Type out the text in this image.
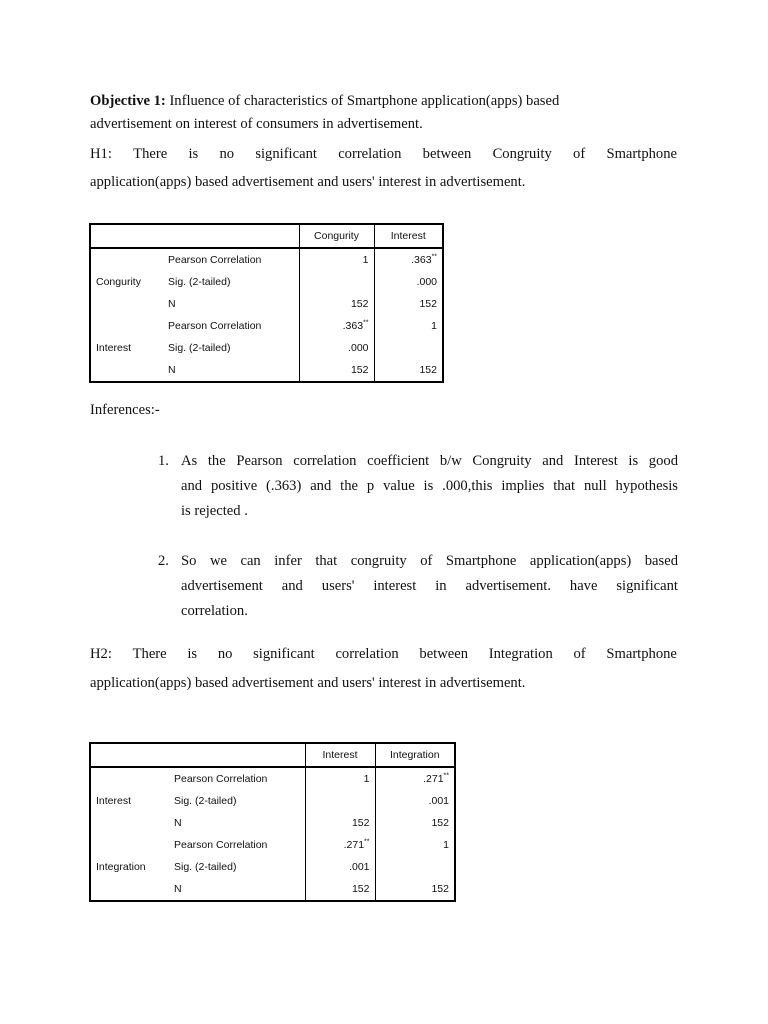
Objective 1: Influence of characteristics of Smartphone application(apps) based
advertisement on interest of consumers in advertisement.
H1: There is no significant correlation between Congruity of Smartphone
application(apps) based advertisement and users' interest in advertisement.
		Congurity	Interest
	Pearson Correlation	1	.363**
Congurity	Sig. (2-tailed)		.000
	N	152	152
	Pearson Correlation	.363**	1
Interest	Sig. (2-tailed)	.000	
	N	152	152
Inferences:-
1. As the Pearson correlation coefficient b/w Congruity and Interest is good
and positive (.363) and the p value is .000,this implies that null hypothesis
is rejected .
2. So we can infer that congruity of Smartphone application(apps) based
advertisement and users' interest in advertisement. have significant
correlation.
H2: There is no significant correlation between Integration of Smartphone
application(apps) based advertisement and users' interest in advertisement.
		Interest	Integration
	Pearson Correlation	1	.271**
Interest	Sig. (2-tailed)		.001
	N	152	152
	Pearson Correlation	.271**	1
Integration	Sig. (2-tailed)	.001	
	N	152	152
